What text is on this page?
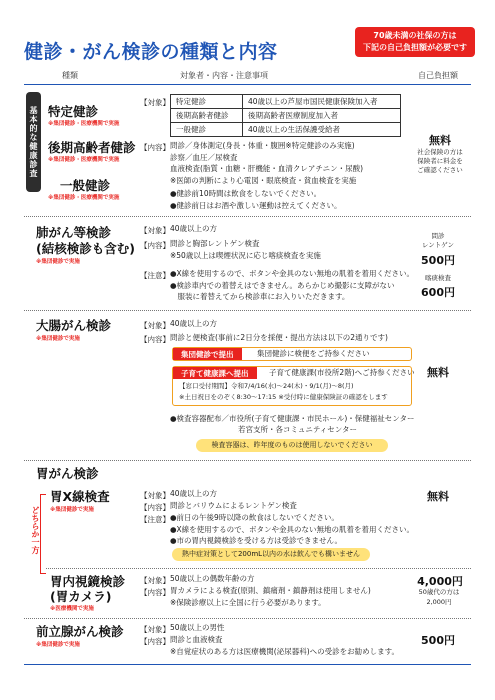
健診・がん検診の種類と内容
70歳未満の社保の方は
下記の自己負担額が必要です
種類	対象者・内容・注意事項	自己負担額
基本的な健康診査 特定健診
※集団健診・医療機関で実施
後期高齢者健診
※集団健診・医療機関で実施
一般健診
※集団健診・医療機関で実施
【対象】 特定健診	40歳以上の芦屋市国民健康保険加入者
後期高齢者健診	後期高齢者医療制度加入者
一般健診	40歳以上の生活保護受給者
【内容】 問診／身体測定(身長・体重・腹囲※特定健診のみ実施)
診察／血圧／尿検査
血液検査(脂質・血糖・肝機能・血清クレアチニン・尿酸)
※医師の判断により心電図・眼底検査・貧血検査を実施
●健診前10時間は飲食をしないでください。
●健診前日はお酒や激しい運動は控えてください。
無料
社会保険の方は
保険者に料金を
ご確認ください
肺がん等検診
(結核検診も含む)
※集団健診で実施
【対象】 40歳以上の方
【内容】 問診と胸部レントゲン検査
※50歳以上は喫煙状況に応じ喀痰検査を実施
【注意】 ●X線を使用するので、ボタンや金具のない無地の肌着を着用ください。
●検診車内での着替えはできません。あらかじめ撮影に支障がない
　服装に着替えてから検診車にお入りいただきます。
問診
レントゲン
500円
喀痰検査
600円
大腸がん検診
※集団健診で実施
【対象】 40歳以上の方
【内容】 問診と便検査(事前に2日分を採便・提出方法は以下の2通りです)
集団健診で提出	集団健診に検便をご持参ください
子育て健康課へ提出	子育て健康課(市役所2階)へご持参ください
【窓口受付期間】令和7/4/16(水)〜24(木)・9/1(月)〜8(月)
※土日祝日をのぞく8:30〜17:15 ※受付時に健康保険証の確認をします
●検査容器配布／市役所(子育て健康課・市民ホール)・保健福祉センター
若宮支所・各コミュニティセンター
検査容器は、昨年度のものは使用しないでください
無料
胃がん検診
どちらか一方
胃X線検査
※集団健診で実施
【対象】 40歳以上の方
【内容】 問診とバリウムによるレントゲン検査
【注意】 ●前日の午後9時以降の飲食はしないでください。
●X線を使用するので、ボタンや金具のない無地の肌着を着用ください。
●市の胃内視鏡検診を受ける方は受診できません。
熱中症対策として200mL以内の水は飲んでも構いません
無料
胃内視鏡検診
(胃カメラ)
※医療機関で実施
【対象】 50歳以上の偶数年齢の方
【内容】 胃カメラによる検査(原則、鎮痛剤・鎮静剤は使用しません)
※保険診療以上に全国に行う必要があります。
4,000円
50歳代の方は
2,000円
前立腺がん検診
※集団健診で実施
【対象】 50歳以上の男性
【内容】 問診と血液検査
※自覚症状のある方は医療機関(泌尿器科)への受診をお勧めします。
500円
